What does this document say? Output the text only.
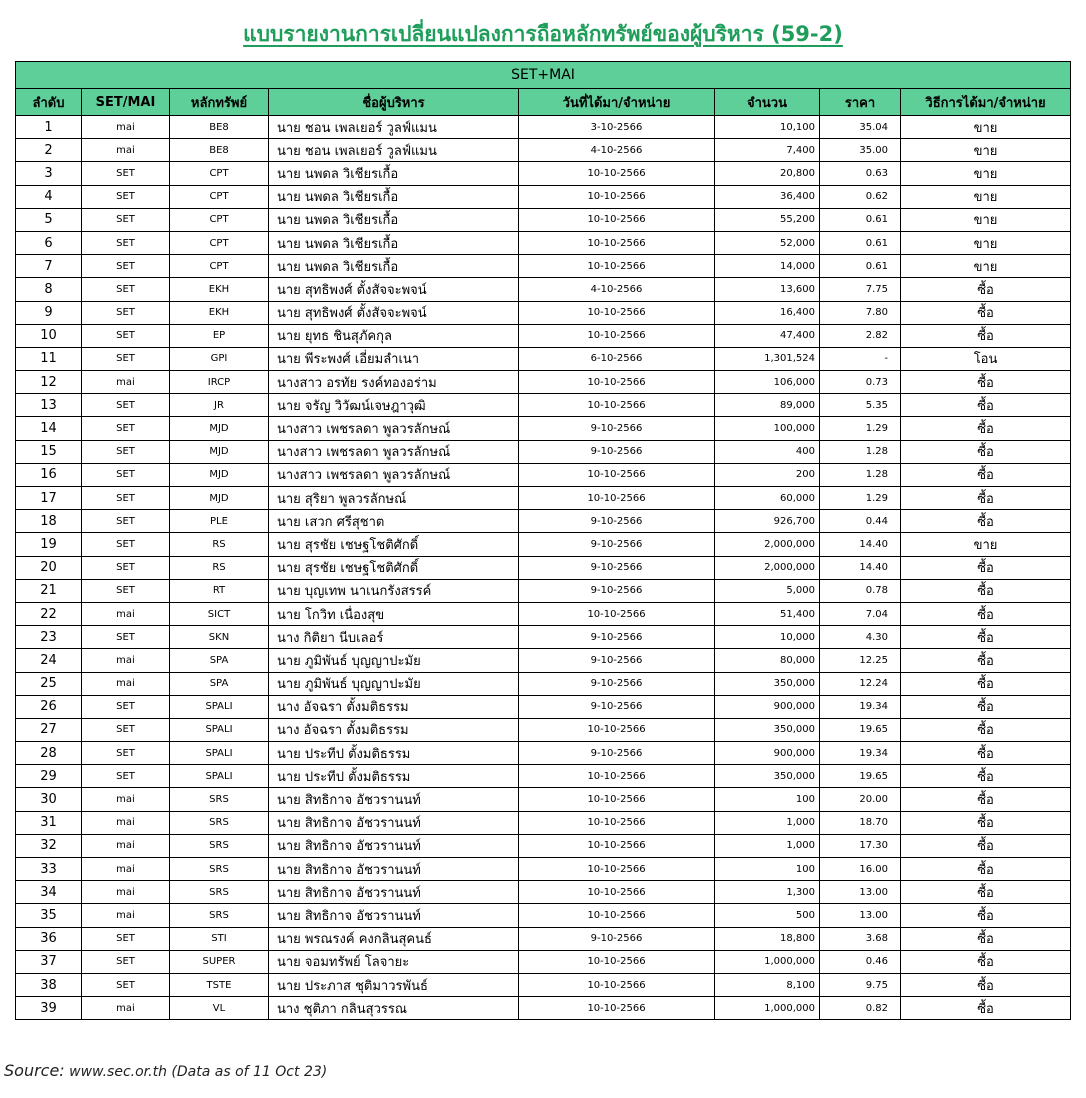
แบบรายงานการเปลี่ยนแปลงการถือหลักทรัพย์ของผู้บริหาร (59-2)
SET+MAI							
ลำดับ	SET/MAI	หลักทรัพย์	ชื่อผู้บริหาร	วันที่ได้มา/จำหน่าย	จำนวน	ราคา	วิธีการได้มา/จำหน่าย
1	mai	BE8	นาย ชอน เพลเยอร์ วูลฟ์แมน	3-10-2566	10,100	35.04	ขาย
2	mai	BE8	นาย ชอน เพลเยอร์ วูลฟ์แมน	4-10-2566	7,400	35.00	ขาย
3	SET	CPT	นาย นพดล วิเชียรเกื้อ	10-10-2566	20,800	0.63	ขาย
4	SET	CPT	นาย นพดล วิเชียรเกื้อ	10-10-2566	36,400	0.62	ขาย
5	SET	CPT	นาย นพดล วิเชียรเกื้อ	10-10-2566	55,200	0.61	ขาย
6	SET	CPT	นาย นพดล วิเชียรเกื้อ	10-10-2566	52,000	0.61	ขาย
7	SET	CPT	นาย นพดล วิเชียรเกื้อ	10-10-2566	14,000	0.61	ขาย
8	SET	EKH	นาย สุทธิพงศ์ ตั้งสัจจะพจน์	4-10-2566	13,600	7.75	ซื้อ
9	SET	EKH	นาย สุทธิพงศ์ ตั้งสัจจะพจน์	10-10-2566	16,400	7.80	ซื้อ
10	SET	EP	นาย ยุทธ ชินสุภัคกุล	10-10-2566	47,400	2.82	ซื้อ
11	SET	GPI	นาย พีระพงศ์ เอี่ยมลำเนา	6-10-2566	1,301,524	-	โอน
12	mai	IRCP	นางสาว อรทัย รงค์ทองอร่าม	10-10-2566	106,000	0.73	ซื้อ
13	SET	JR	นาย จรัญ วิวัฒน์เจษฎาวุฒิ	10-10-2566	89,000	5.35	ซื้อ
14	SET	MJD	นางสาว เพชรลดา พูลวรลักษณ์	9-10-2566	100,000	1.29	ซื้อ
15	SET	MJD	นางสาว เพชรลดา พูลวรลักษณ์	9-10-2566	400	1.28	ซื้อ
16	SET	MJD	นางสาว เพชรลดา พูลวรลักษณ์	10-10-2566	200	1.28	ซื้อ
17	SET	MJD	นาย สุริยา พูลวรลักษณ์	10-10-2566	60,000	1.29	ซื้อ
18	SET	PLE	นาย เสวก ศรีสุชาต	9-10-2566	926,700	0.44	ซื้อ
19	SET	RS	นาย สุรชัย เชษฐโชติศักดิ์	9-10-2566	2,000,000	14.40	ขาย
20	SET	RS	นาย สุรชัย เชษฐโชติศักดิ์	9-10-2566	2,000,000	14.40	ซื้อ
21	SET	RT	นาย บุญเทพ นาเนกรังสรรค์	9-10-2566	5,000	0.78	ซื้อ
22	mai	SICT	นาย โกวิท เนื่องสุข	10-10-2566	51,400	7.04	ซื้อ
23	SET	SKN	นาง กิติยา นีบเลอร์	9-10-2566	10,000	4.30	ซื้อ
24	mai	SPA	นาย ภูมิพันธ์ บุญญาปะมัย	9-10-2566	80,000	12.25	ซื้อ
25	mai	SPA	นาย ภูมิพันธ์ บุญญาปะมัย	9-10-2566	350,000	12.24	ซื้อ
26	SET	SPALI	นาง อัจฉรา ตั้งมติธรรม	9-10-2566	900,000	19.34	ซื้อ
27	SET	SPALI	นาง อัจฉรา ตั้งมติธรรม	10-10-2566	350,000	19.65	ซื้อ
28	SET	SPALI	นาย ประทีป ตั้งมติธรรม	9-10-2566	900,000	19.34	ซื้อ
29	SET	SPALI	นาย ประทีป ตั้งมติธรรม	10-10-2566	350,000	19.65	ซื้อ
30	mai	SRS	นาย สิทธิกาจ อัชวรานนท์	10-10-2566	100	20.00	ซื้อ
31	mai	SRS	นาย สิทธิกาจ อัชวรานนท์	10-10-2566	1,000	18.70	ซื้อ
32	mai	SRS	นาย สิทธิกาจ อัชวรานนท์	10-10-2566	1,000	17.30	ซื้อ
33	mai	SRS	นาย สิทธิกาจ อัชวรานนท์	10-10-2566	100	16.00	ซื้อ
34	mai	SRS	นาย สิทธิกาจ อัชวรานนท์	10-10-2566	1,300	13.00	ซื้อ
35	mai	SRS	นาย สิทธิกาจ อัชวรานนท์	10-10-2566	500	13.00	ซื้อ
36	SET	STI	นาย พรณรงค์ คงกลินสุคนธ์	9-10-2566	18,800	3.68	ซื้อ
37	SET	SUPER	นาย จอมทรัพย์ โลจายะ	10-10-2566	1,000,000	0.46	ซื้อ
38	SET	TSTE	นาย ประภาส ชุติมาวรพันธ์	10-10-2566	8,100	9.75	ซื้อ
39	mai	VL	นาง ชุติภา กลินสุวรรณ	10-10-2566	1,000,000	0.82	ซื้อ
Source: www.sec.or.th (Data as of 11 Oct 23)
